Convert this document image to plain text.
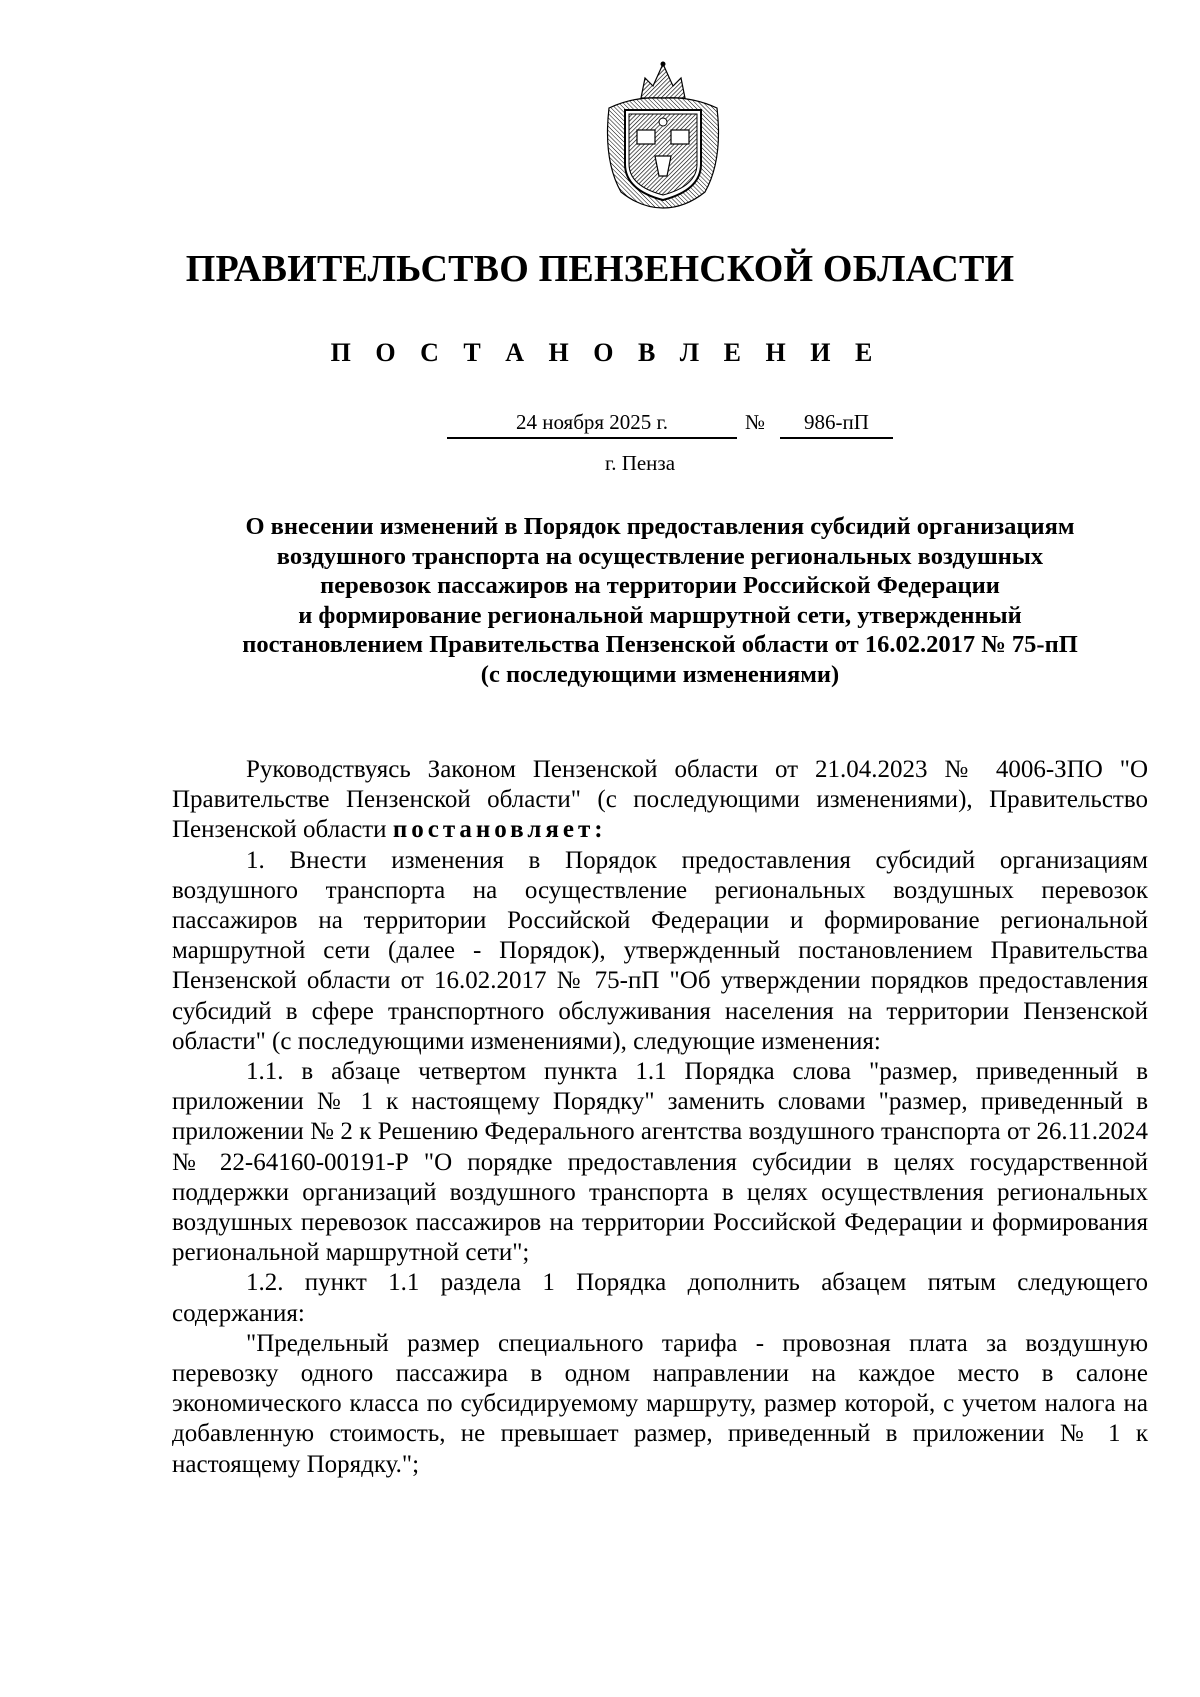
ПРАВИТЕЛЬСТВО ПЕНЗЕНСКОЙ ОБЛАСТИ
П О С Т А Н О В Л Е Н И Е
24 ноября 2025 г.	№	986-пП
г. Пенза
О внесении изменений в Порядок предоставления субсидий организациям
воздушного транспорта на осуществление региональных воздушных
перевозок пассажиров на территории Российской Федерации
и формирование региональной маршрутной сети, утвержденный
постановлением Правительства Пензенской области от 16.02.2017 № 75-пП
(с последующими изменениями)

Руководствуясь Законом Пензенской области от 21.04.2023 № 4006-ЗПО "О Правительстве Пензенской области" (с последующими изменениями), Правительство Пензенской области постановляет:

1. Внести изменения в Порядок предоставления субсидий организациям воздушного транспорта на осуществление региональных воздушных перевозок пассажиров на территории Российской Федерации и формирование региональной маршрутной сети (далее - Порядок), утвержденный постановлением Правительства Пензенской области от 16.02.2017 № 75-пП "Об утверждении порядков предоставления субсидий в сфере транспортного обслуживания населения на территории Пензенской области" (с последующими изменениями), следующие изменения:

1.1. в абзаце четвертом пункта 1.1 Порядка слова "размер, приведенный в приложении № 1 к настоящему Порядку" заменить словами "размер, приведенный в приложении № 2 к Решению Федерального агентства воздушного транспорта от 26.11.2024 № 22-64160-00191-Р "О порядке предоставления субсидии в целях государственной поддержки организаций воздушного транспорта в целях осуществления региональных воздушных перевозок пассажиров на территории Российской Федерации и формирования региональной маршрутной сети";

1.2. пункт 1.1 раздела 1 Порядка дополнить абзацем пятым следующего содержания:

"Предельный размер специального тарифа - провозная плата за воздушную перевозку одного пассажира в одном направлении на каждое место в салоне экономического класса по субсидируемому маршруту, размер которой, с учетом налога на добавленную стоимость, не превышает размер, приведенный в приложении № 1 к настоящему Порядку.";
